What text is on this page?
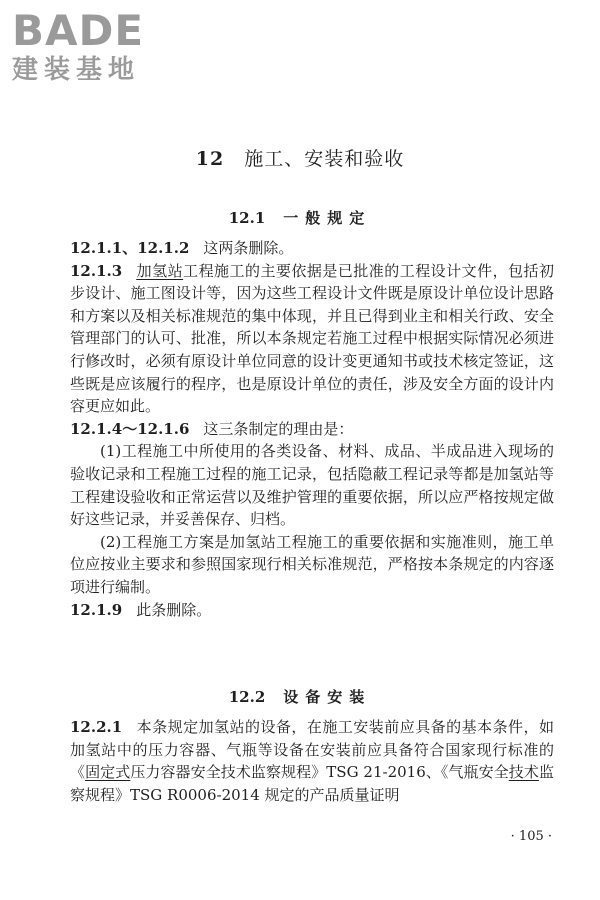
BADE
建装基地
12 施工、安装和验收
12.1 一般规定

12.1.1、12.1.2 这两条删除。

12.1.3 加氢站工程施工的主要依据是已批准的工程设计文件，包括初步设计、施工图设计等，因为这些工程设计文件既是原设计单位设计思路和方案以及相关标准规范的集中体现，并且已得到业主和相关行政、安全管理部门的认可、批准，所以本条规定若施工过程中根据实际情况必须进行修改时，必须有原设计单位同意的设计变更通知书或技术核定签证，这些既是应该履行的程序，也是原设计单位的责任，涉及安全方面的设计内容更应如此。

12.1.4～12.1.6 这三条制定的理由是：

(1)工程施工中所使用的各类设备、材料、成品、半成品进入现场的验收记录和工程施工过程的施工记录，包括隐蔽工程记录等都是加氢站等工程建设验收和正常运营以及维护管理的重要依据，所以应严格按规定做好这些记录，并妥善保存、归档。

(2)工程施工方案是加氢站工程施工的重要依据和实施准则，施工单位应按业主要求和参照国家现行相关标准规范，严格按本条规定的内容逐项进行编制。

12.1.9 此条删除。

12.2 设备安装

12.2.1 本条规定加氢站的设备，在施工安装前应具备的基本条件，如加氢站中的压力容器、气瓶等设备在安装前应具备符合国家现行标准的《固定式压力容器安全技术监察规程》TSG 21-2016、《气瓶安全技术监察规程》TSG R0006-2014 规定的产品质量证明

· 105 ·
